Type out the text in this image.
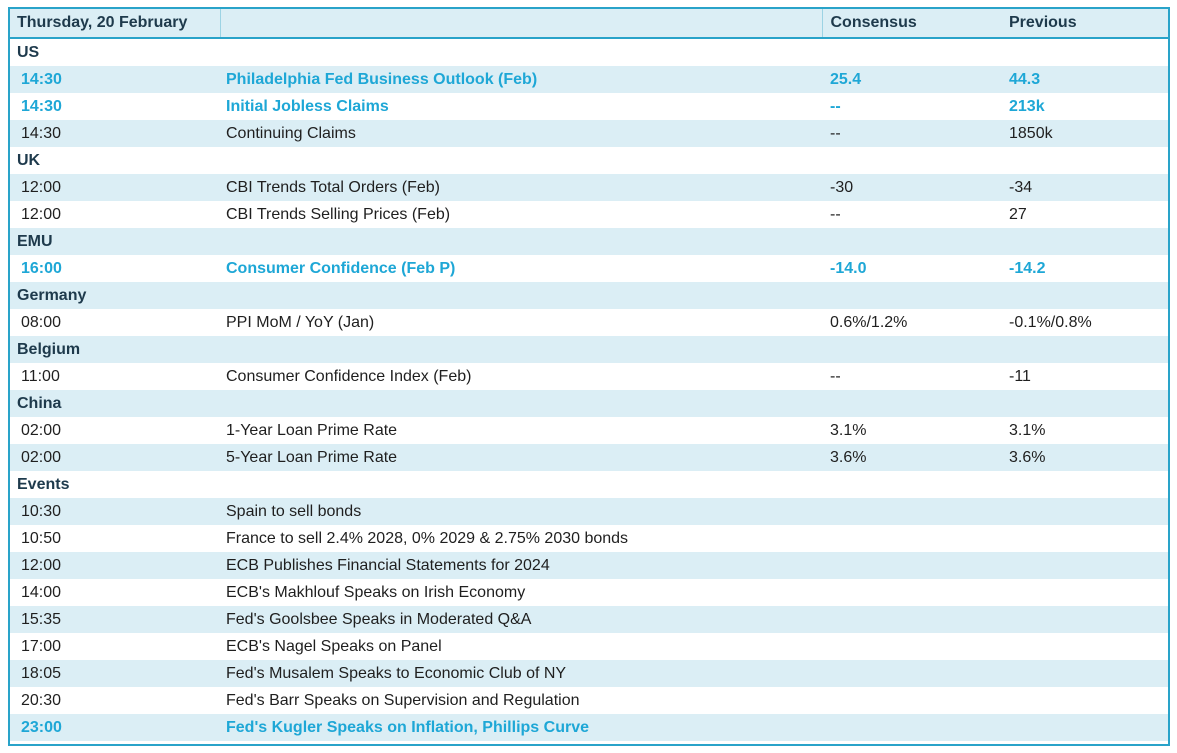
Thursday, 20 February		Consensus	Previous
US			
14:30	Philadelphia Fed Business Outlook (Feb)	25.4	44.3
14:30	Initial Jobless Claims	--	213k
14:30	Continuing Claims	--	1850k
UK			
12:00	CBI Trends Total Orders (Feb)	-30	-34
12:00	CBI Trends Selling Prices (Feb)	--	27
EMU			
16:00	Consumer Confidence (Feb P)	-14.0	-14.2
Germany			
08:00	PPI MoM / YoY (Jan)	0.6%/1.2%	-0.1%/0.8%
Belgium			
11:00	Consumer Confidence Index (Feb)	--	-11
China			
02:00	1-Year Loan Prime Rate	3.1%	3.1%
02:00	5-Year Loan Prime Rate	3.6%	3.6%
Events			
10:30	Spain to sell bonds		
10:50	France to sell 2.4% 2028, 0% 2029 & 2.75% 2030 bonds		
12:00	ECB Publishes Financial Statements for 2024		
14:00	ECB's Makhlouf Speaks on Irish Economy		
15:35	Fed's Goolsbee Speaks in Moderated Q&A		
17:00	ECB's Nagel Speaks on Panel		
18:05	Fed's Musalem Speaks to Economic Club of NY		
20:30	Fed's Barr Speaks on Supervision and Regulation		
23:00	Fed's Kugler Speaks on Inflation, Phillips Curve		
